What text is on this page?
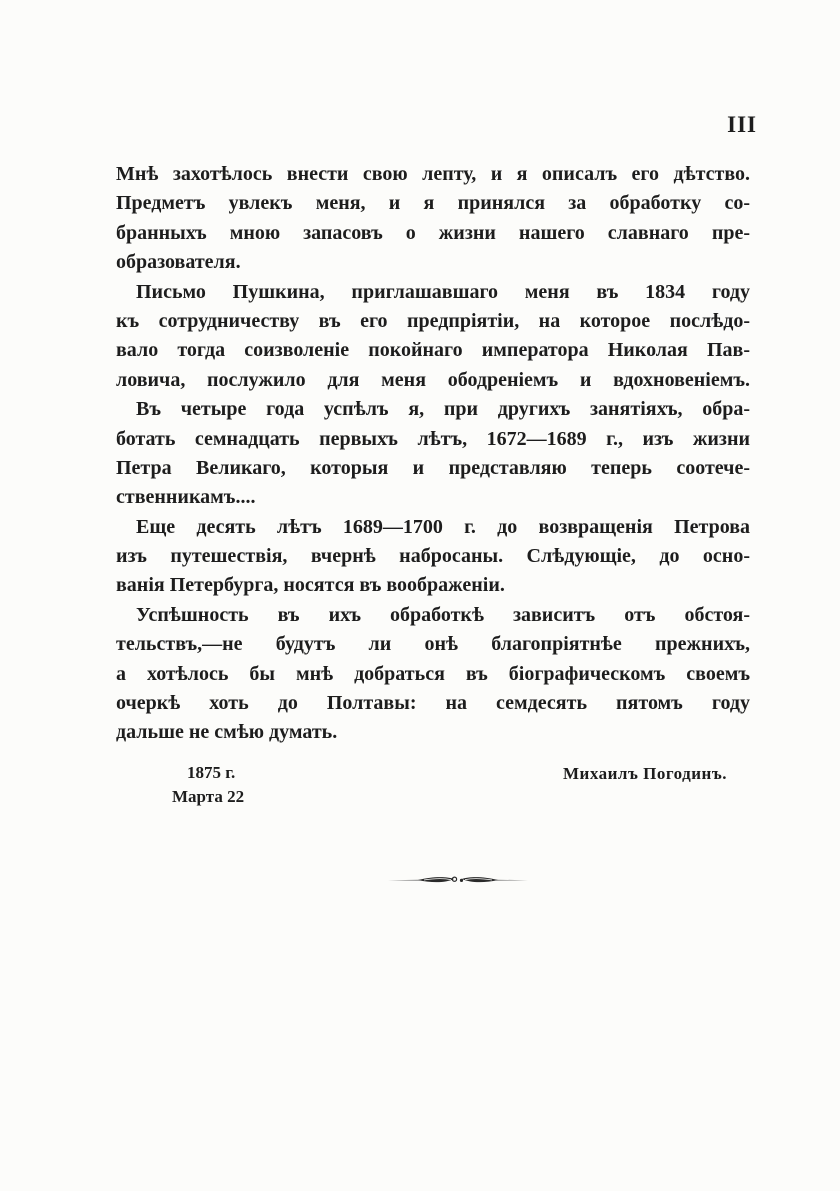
III
Мнѣ захотѣлось внести свою лепту, и я описалъ его дѣтство.
Предметъ увлекъ меня, и я принялся за обработку со-
бранныхъ мною запасовъ о жизни нашего славнаго пре-
образователя.
Письмо Пушкина, приглашавшаго меня въ 1834 году
къ сотрудничеству въ его предпріятіи, на которое послѣдо-
вало тогда соизволеніе покойнаго императора Николая Пав-
ловича, послужило для меня ободреніемъ и вдохновеніемъ.
Въ четыре года успѣлъ я, при другихъ занятіяхъ, обра-
ботать семнадцать первыхъ лѣтъ, 1672—1689 г., изъ жизни
Петра Великаго, которыя и представляю теперь соотече-
ственникамъ....
Еще десять лѣтъ 1689—1700 г. до возвращенія Петрова
изъ путешествія, вчернѣ набросаны. Слѣдующіе, до осно-
ванія Петербурга, носятся въ воображеніи.
Успѣшность въ ихъ обработкѣ зависитъ отъ обстоя-
тельствъ,—не будутъ ли онѣ благопріятнѣе прежнихъ,
а хотѣлось бы мнѣ добраться въ біографическомъ своемъ
очеркѣ хоть до Полтавы: на семдесять пятомъ году
дальше не смѣю думать.
1875 г.
Марта 22
Михаилъ Погодинъ.
